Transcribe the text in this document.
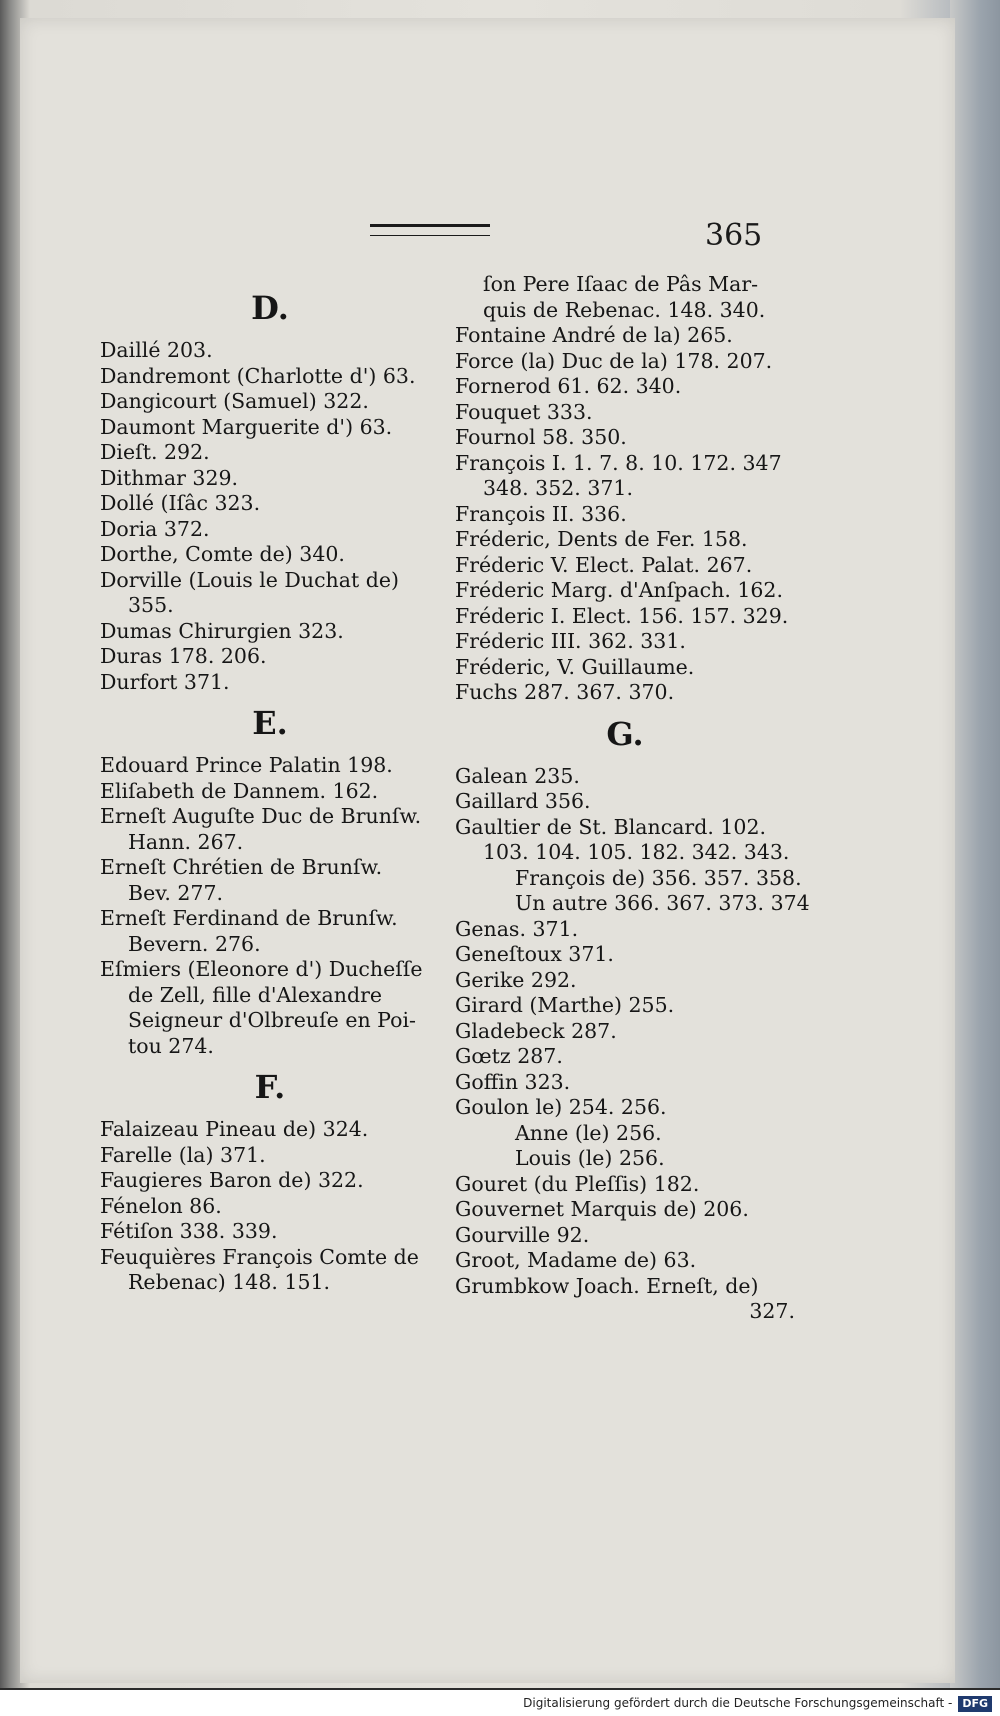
365
D.
Daillé 203.
Dandremont (Charlotte d') 63.
Dangicourt (Samuel) 322.
Daumont Marguerite d') 63.
Dieſt. 292.
Dithmar 329.
Dollé (Iſâc 323.
Doria 372.
Dorthe, Comte de) 340.
Dorville (Louis le Duchat de)
355.
Dumas Chirurgien 323.
Duras 178. 206.
Durfort 371.
E.
Edouard Prince Palatin 198.
Eliſabeth de Dannem. 162.
Erneſt Auguſte Duc de Brunſw.
Hann. 267.
Erneſt Chrétien de Brunſw.
Bev. 277.
Erneſt Ferdinand de Brunſw.
Bevern. 276.
Eſmiers (Eleonore d') Ducheſſe
de Zell, fille d'Alexandre
Seigneur d'Olbreuſe en Poi-
tou 274.
F.
Falaizeau Pineau de) 324.
Farelle (la) 371.
Faugieres Baron de) 322.
Fénelon 86.
Fétiſon 338. 339.
Feuquières François Comte de
Rebenac) 148. 151.
ſon Pere Iſaac de Pâs Mar-
quis de Rebenac. 148. 340.
Fontaine André de la) 265.
Force (la) Duc de la) 178. 207.
Fornerod 61. 62. 340.
Fouquet 333.
Fournol 58. 350.
François I. 1. 7. 8. 10. 172. 347
348. 352. 371.
François II. 336.
Fréderic, Dents de Fer. 158.
Fréderic V. Elect. Palat. 267.
Fréderic Marg. d'Anſpach. 162.
Fréderic I. Elect. 156. 157. 329.
Fréderic III. 362. 331.
Fréderic, V. Guillaume.
Fuchs 287. 367. 370.
G.
Galean 235.
Gaillard 356.
Gaultier de St. Blancard. 102.
103. 104. 105. 182. 342. 343.
François de) 356. 357. 358.
Un autre 366. 367. 373. 374
Genas. 371.
Geneſtoux 371.
Gerike 292.
Girard (Marthe) 255.
Gladebeck 287.
Gœtz 287.
Goffin 323.
Goulon le) 254. 256.
Anne (le) 256.
Louis (le) 256.
Gouret (du Pleſſis) 182.
Gouvernet Marquis de) 206.
Gourville 92.
Groot, Madame de) 63.
Grumbkow Joach. Erneſt, de)
327.
Digitalisierung gefördert durch die Deutsche Forschungsgemeinschaft - DFG
